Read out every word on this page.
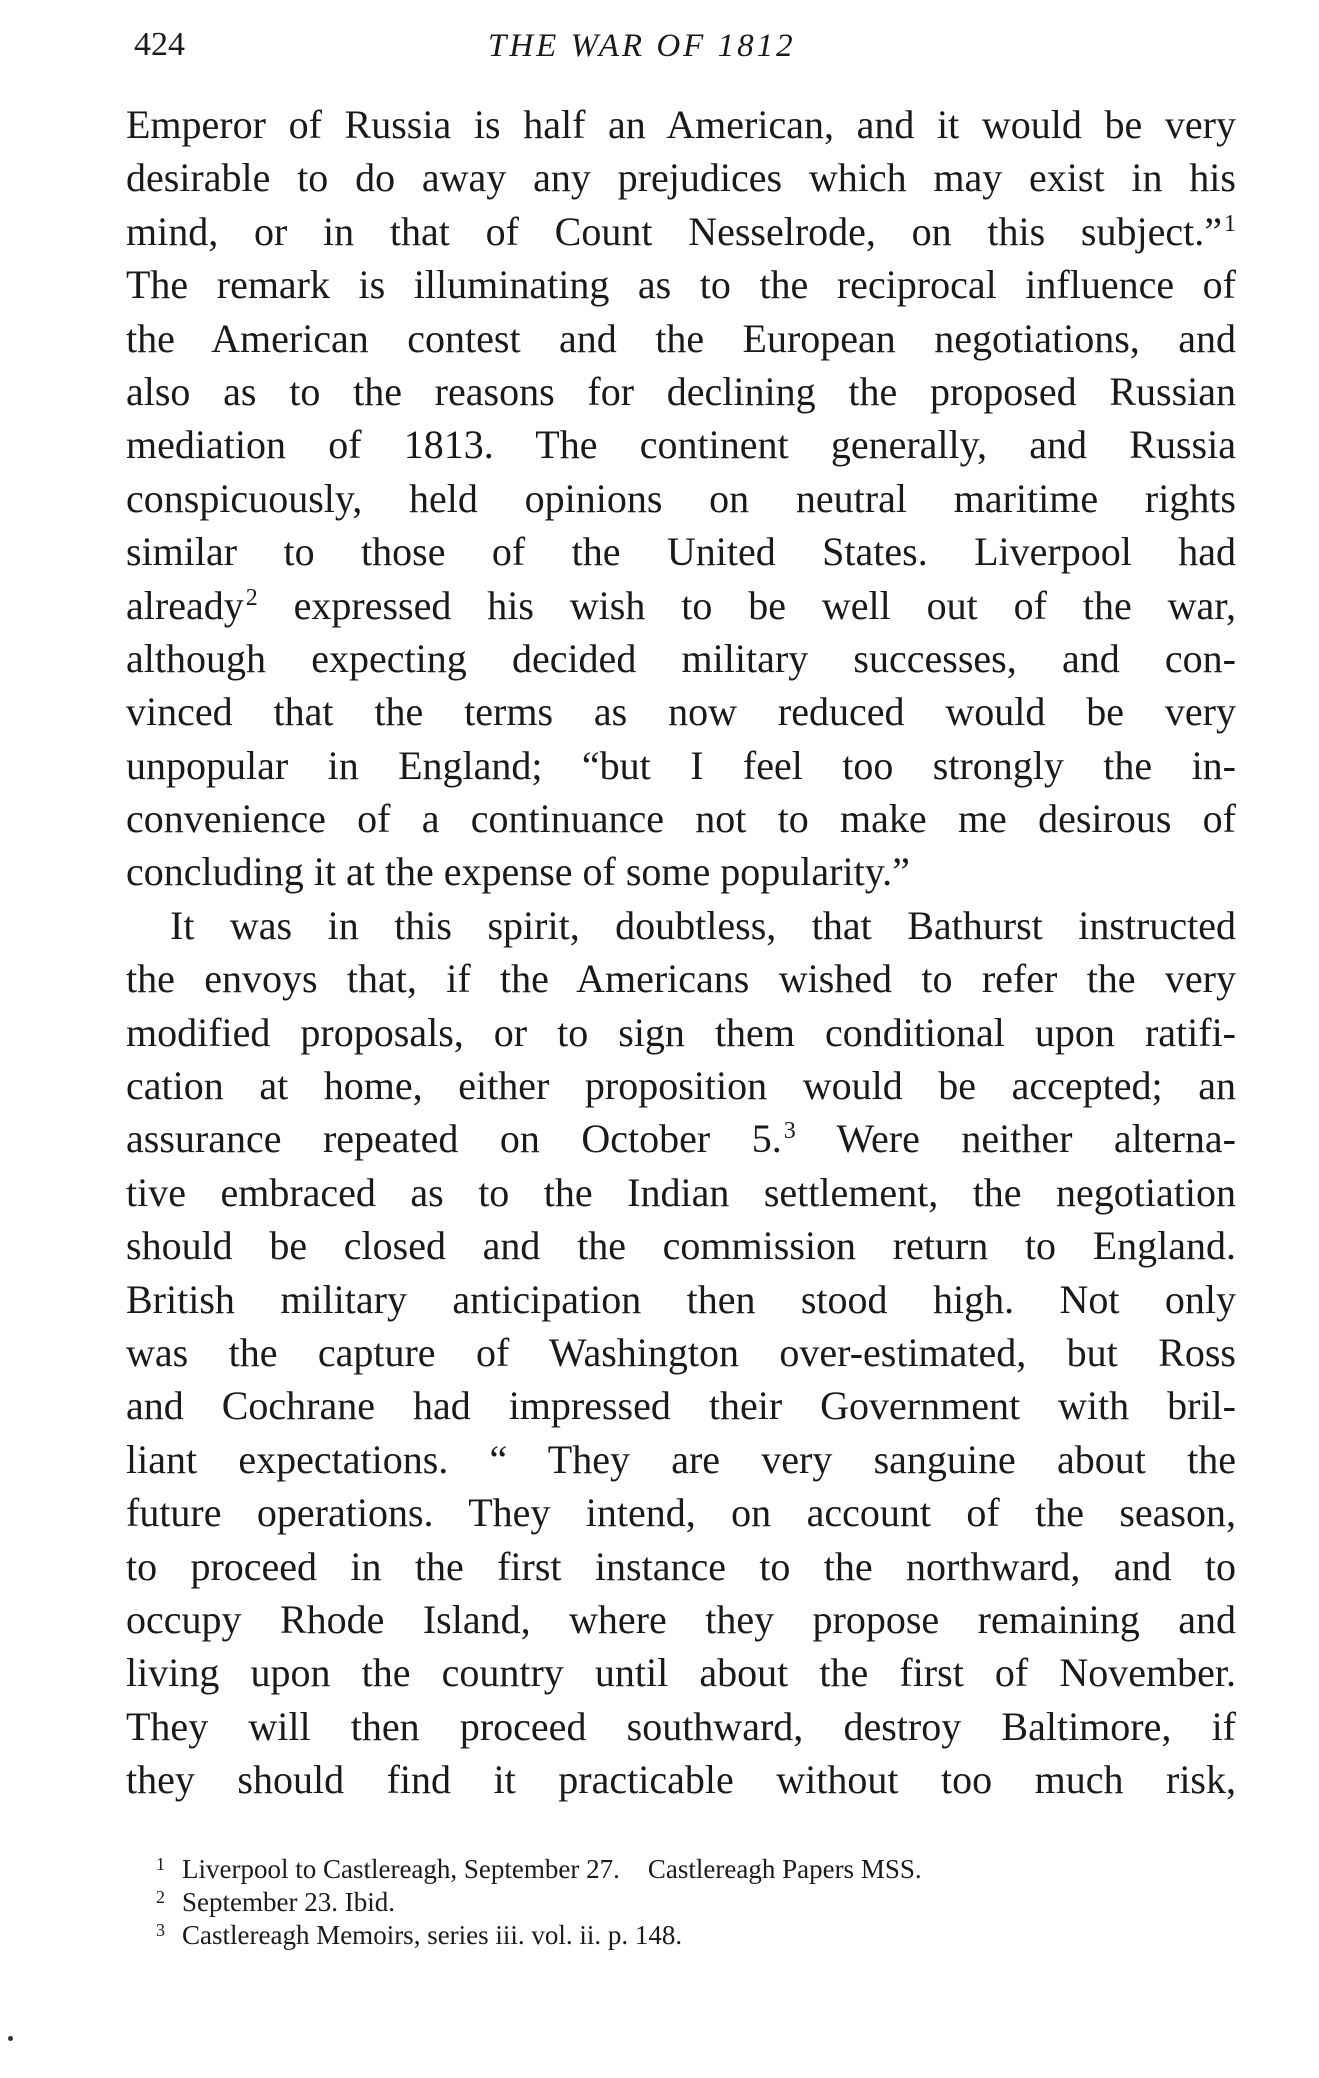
424	THE WAR OF 1812
Emperor of Russia is half an American, and it would be very
desirable to do away any prejudices which may exist in his
mind, or in that of Count Nesselrode, on this subject.”$^1$
The remark is illuminating as to the reciprocal influence of
the American contest and the European negotiations, and
also as to the reasons for declining the proposed Russian
mediation of 1813. The continent generally, and Russia
conspicuously, held opinions on neutral maritime rights
similar to those of the United States. Liverpool had
already$^2$ expressed his wish to be well out of the war,
although expecting decided military successes, and con-
vinced that the terms as now reduced would be very
unpopular in England; “but I feel too strongly the in-
convenience of a continuance not to make me desirous of
concluding it at the expense of some popularity.”
It was in this spirit, doubtless, that Bathurst instructed
the envoys that, if the Americans wished to refer the very
modified proposals, or to sign them conditional upon ratifi-
cation at home, either proposition would be accepted; an
assurance repeated on October 5.$^3$ Were neither alterna-
tive embraced as to the Indian settlement, the negotiation
should be closed and the commission return to England.
British military anticipation then stood high. Not only
was the capture of Washington over-estimated, but Ross
and Cochrane had impressed their Government with bril-
liant expectations. “ They are very sanguine about the
future operations. They intend, on account of the season,
to proceed in the first instance to the northward, and to
occupy Rhode Island, where they propose remaining and
living upon the country until about the first of November.
They will then proceed southward, destroy Baltimore, if
they should find it practicable without too much risk,
1 Liverpool to Castlereagh, September 27. Castlereagh Papers MSS.
2 September 23. Ibid.
3 Castlereagh Memoirs, series iii. vol. ii. p. 148.
